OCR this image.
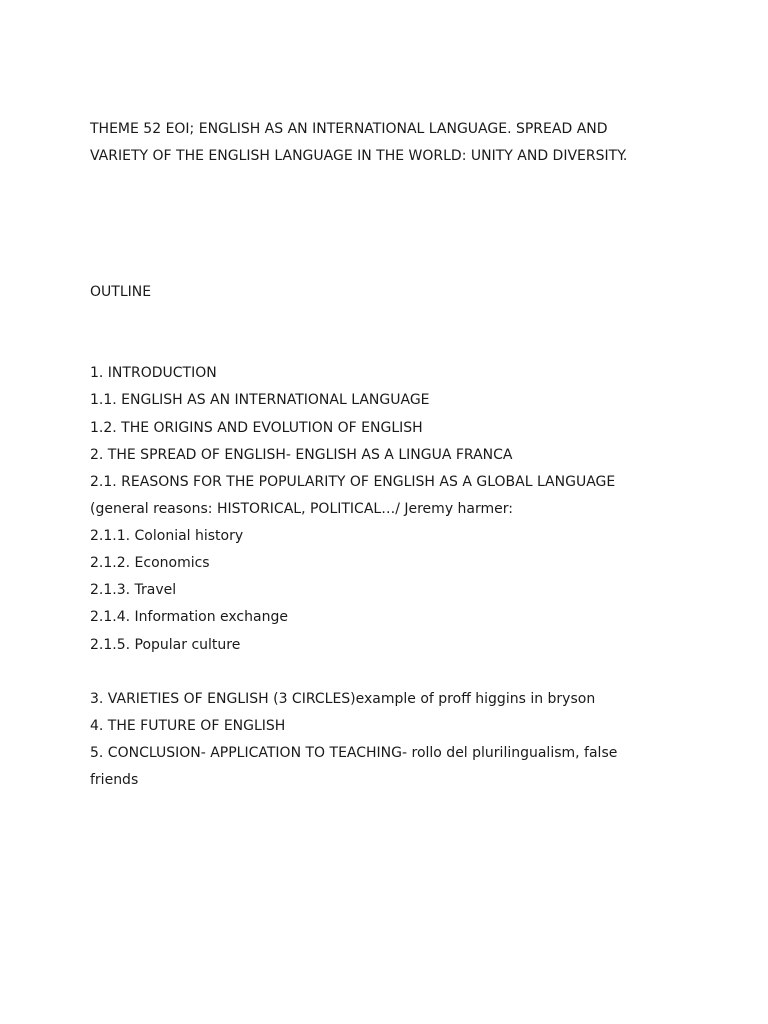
THEME 52 EOI; ENGLISH AS AN INTERNATIONAL LANGUAGE. SPREAD AND
VARIETY OF THE ENGLISH LANGUAGE IN THE WORLD: UNITY AND DIVERSITY.
OUTLINE
1. INTRODUCTION
1.1. ENGLISH AS AN INTERNATIONAL LANGUAGE
1.2. THE ORIGINS AND EVOLUTION OF ENGLISH
2. THE SPREAD OF ENGLISH- ENGLISH AS A LINGUA FRANCA
2.1. REASONS FOR THE POPULARITY OF ENGLISH AS A GLOBAL LANGUAGE
(general reasons: HISTORICAL, POLITICAL…/ Jeremy harmer:
2.1.1. Colonial history
2.1.2. Economics
2.1.3. Travel
2.1.4. Information exchange
2.1.5. Popular culture
3. VARIETIES OF ENGLISH (3 CIRCLES)example of proff higgins in bryson
4. THE FUTURE OF ENGLISH
5. CONCLUSION- APPLICATION TO TEACHING- rollo del plurilingualism, false
friends
